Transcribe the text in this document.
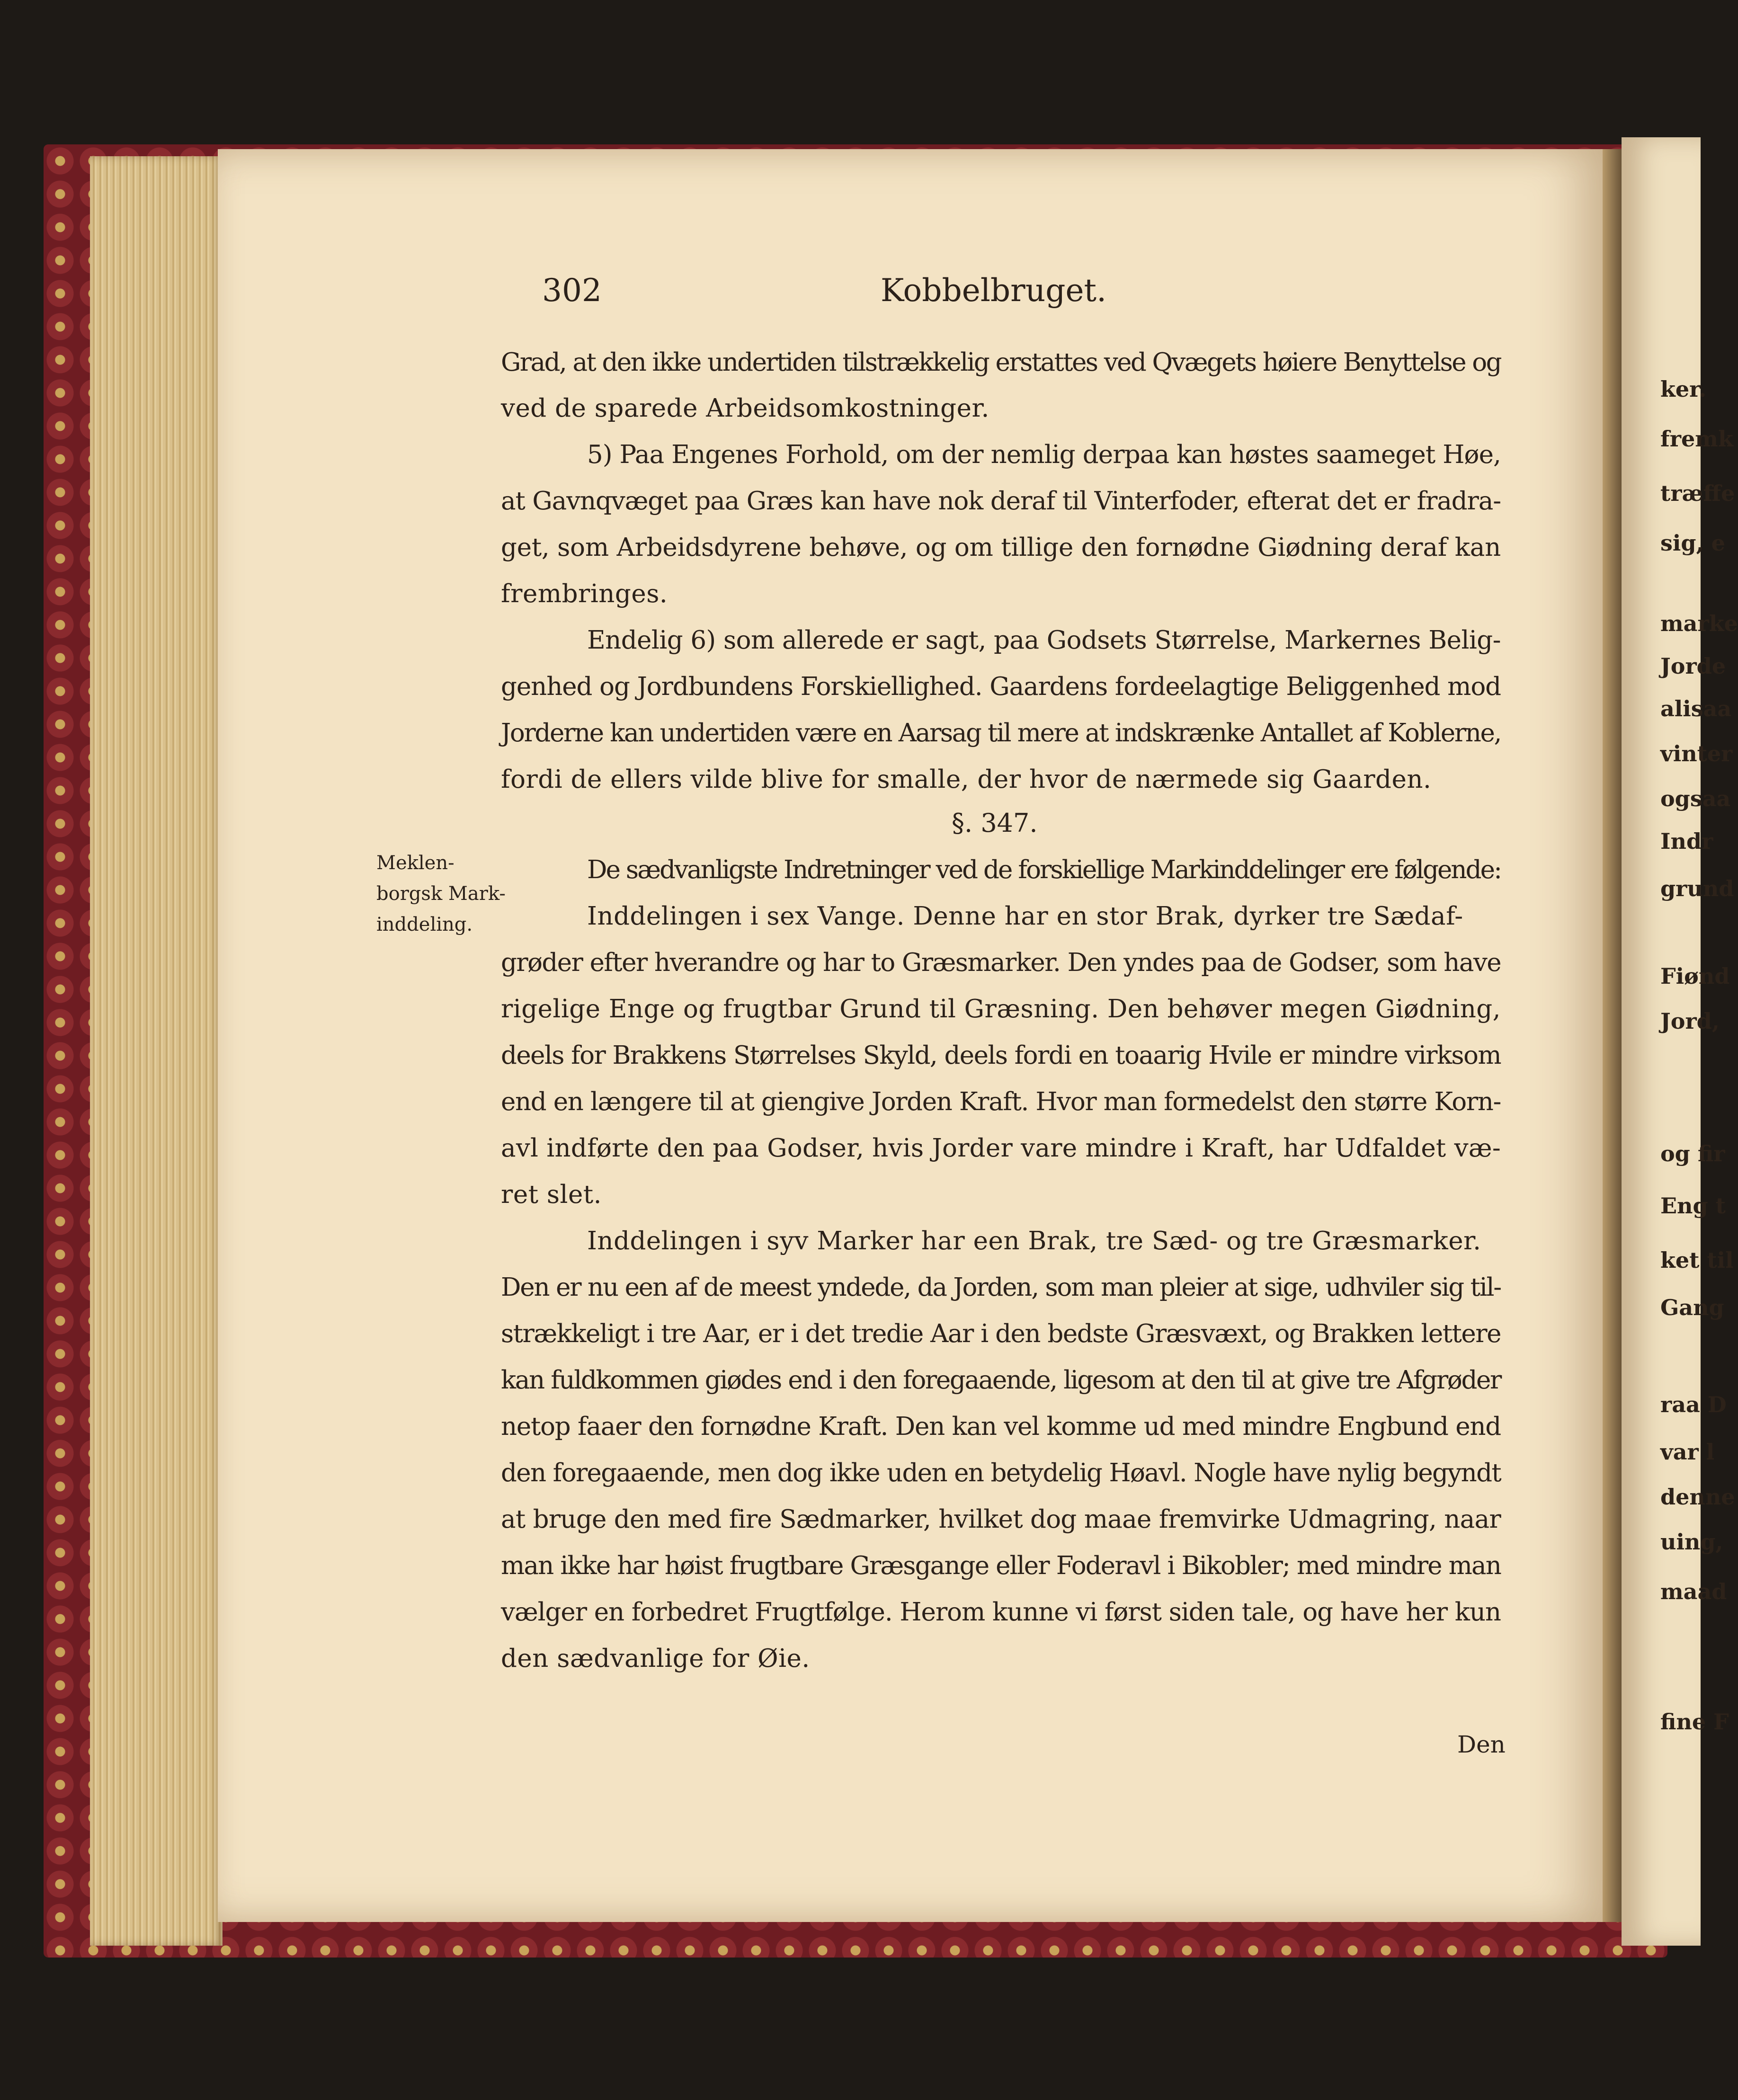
ker.
fremk
træffe
sig, e
marke
Jorde
alisaa
vinter
ogsaa
Indr
grund
Fiønd
Jord,
og fir
Eng t
ket til
Gang
raa D
var l
denne
uing,
maad
fine F
302	Kobbelbruget.
Grad, at den ikke undertiden tilstrækkelig erstattes ved Qvægets høiere Benyttelse og
ved de sparede Arbeidsomkostninger.
5) Paa Engenes Forhold, om der nemlig derpaa kan høstes saameget Høe,
at Gavnqvæget paa Græs kan have nok deraf til Vinterfoder, efterat det er fradra-
get, som Arbeidsdyrene behøve, og om tillige den fornødne Giødning deraf kan
frembringes.
Endelig 6) som allerede er sagt, paa Godsets Størrelse, Markernes Belig-
genhed og Jordbundens Forskiellighed. Gaardens fordeelagtige Beliggenhed mod
Jorderne kan undertiden være en Aarsag til mere at indskrænke Antallet af Koblerne,
fordi de ellers vilde blive for smalle, der hvor de nærmede sig Gaarden.
§. 347.
Meklen-
borgsk Mark-
inddeling.
De sædvanligste Indretninger ved de forskiellige Markinddelinger ere følgende:
Inddelingen i sex Vange. Denne har en stor Brak, dyrker tre Sædaf-
grøder efter hverandre og har to Græsmarker. Den yndes paa de Godser, som have
rigelige Enge og frugtbar Grund til Græsning. Den behøver megen Giødning,
deels for Brakkens Størrelses Skyld, deels fordi en toaarig Hvile er mindre virksom
end en længere til at giengive Jorden Kraft. Hvor man formedelst den større Korn-
avl indførte den paa Godser, hvis Jorder vare mindre i Kraft, har Udfaldet væ-
ret slet.
Inddelingen i syv Marker har een Brak, tre Sæd- og tre Græsmarker.
Den er nu een af de meest yndede, da Jorden, som man pleier at sige, udhviler sig til-
strækkeligt i tre Aar, er i det tredie Aar i den bedste Græsvæxt, og Brakken lettere
kan fuldkommen giødes end i den foregaaende, ligesom at den til at give tre Afgrøder
netop faaer den fornødne Kraft. Den kan vel komme ud med mindre Engbund end
den foregaaende, men dog ikke uden en betydelig Høavl. Nogle have nylig begyndt
at bruge den med fire Sædmarker, hvilket dog maae fremvirke Udmagring, naar
man ikke har høist frugtbare Græsgange eller Foderavl i Bikobler; med mindre man
vælger en forbedret Frugtfølge. Herom kunne vi først siden tale, og have her kun
den sædvanlige for Øie.
Den
